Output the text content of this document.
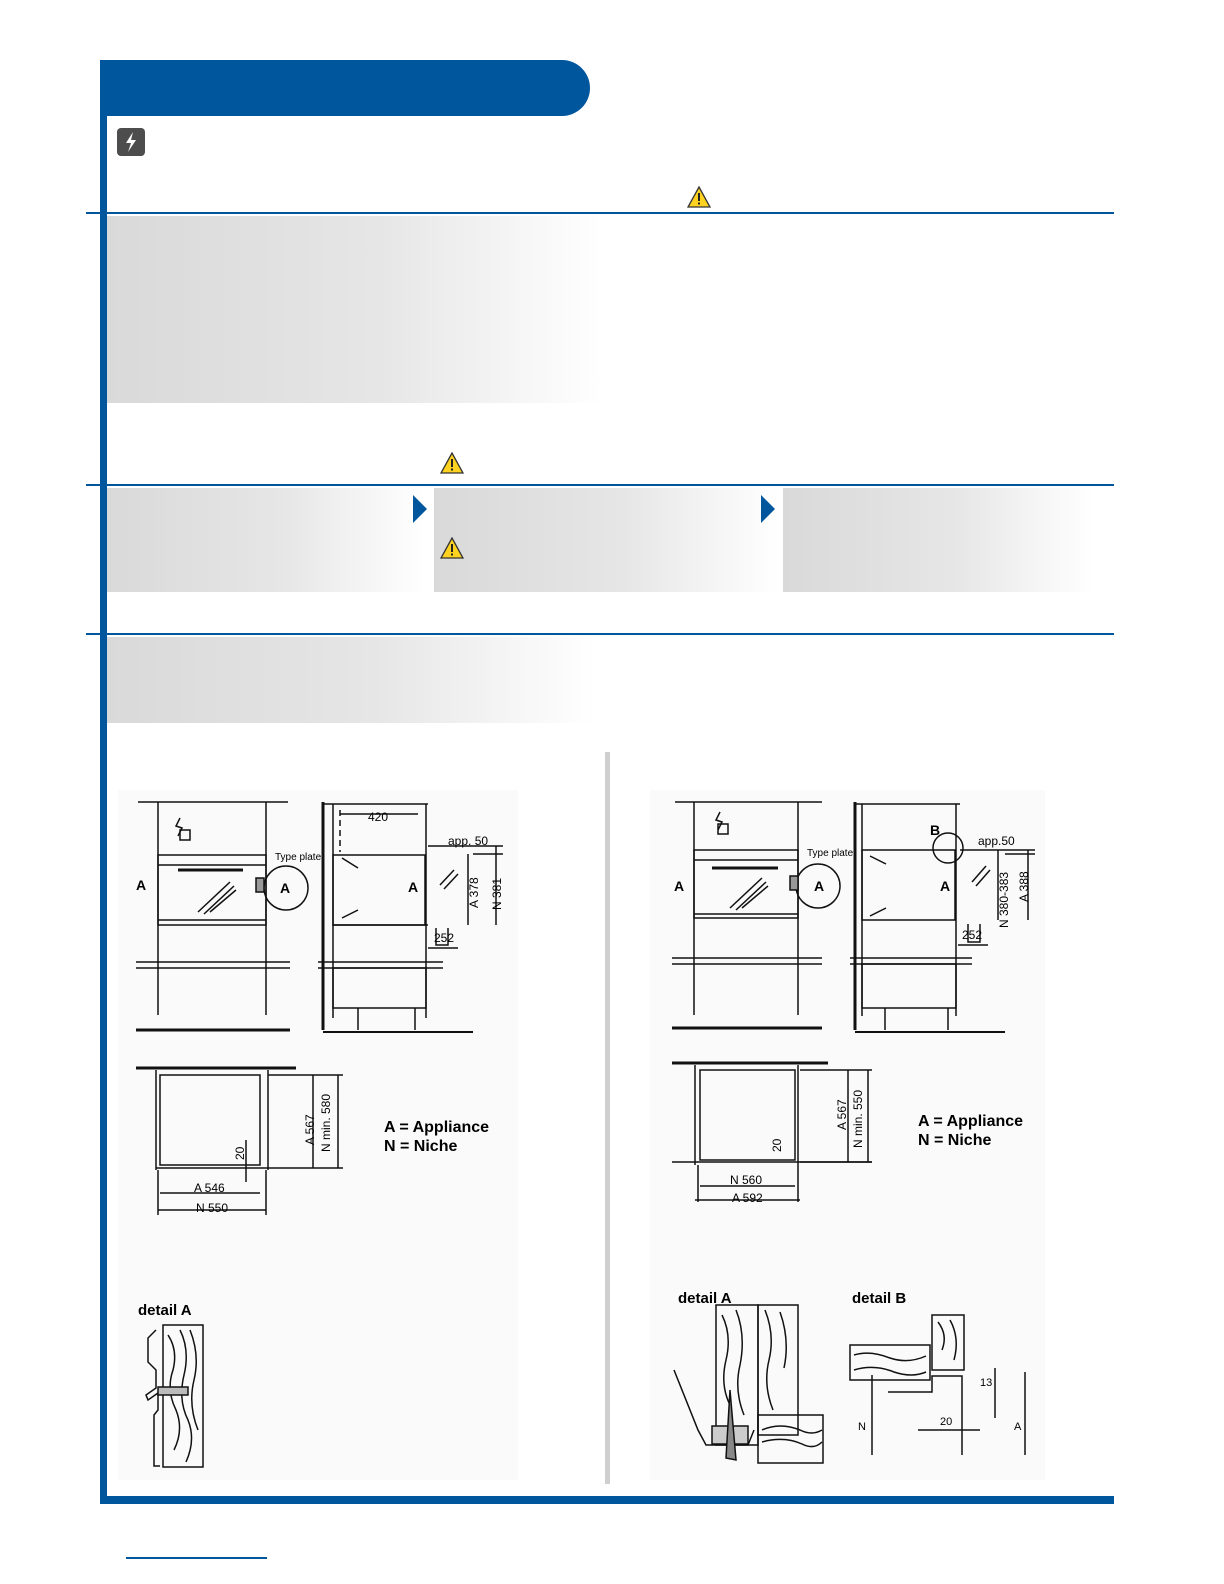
Type plate
A	A	A
420
app. 50
A 378 N 381
252
A 567 N min. 580
20
A 546
N 550
A = Appliance
N = Niche
detail A
Type plate
A	A	A
B
app.50
N 380-383 A 388
252
A 567 N min. 550
20
N 560
A 592
A = Appliance
N = Niche
detail A	detail B
13
20
N	A
